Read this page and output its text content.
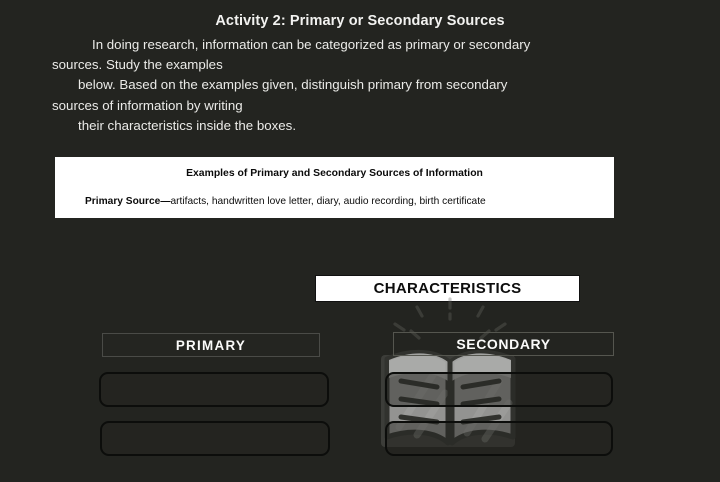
Activity 2: Primary or Secondary Sources

In doing research, information can be categorized as primary or secondary

sources. Study the examples

below. Based on the examples given, distinguish primary from secondary

sources of information by writing

their characteristics inside the boxes.

Examples of Primary and Secondary Sources of Information
Primary Source—artifacts, handwritten love letter, diary, audio recording, birth certificate
CHARACTERISTICS
PRIMARY	SECONDARY
